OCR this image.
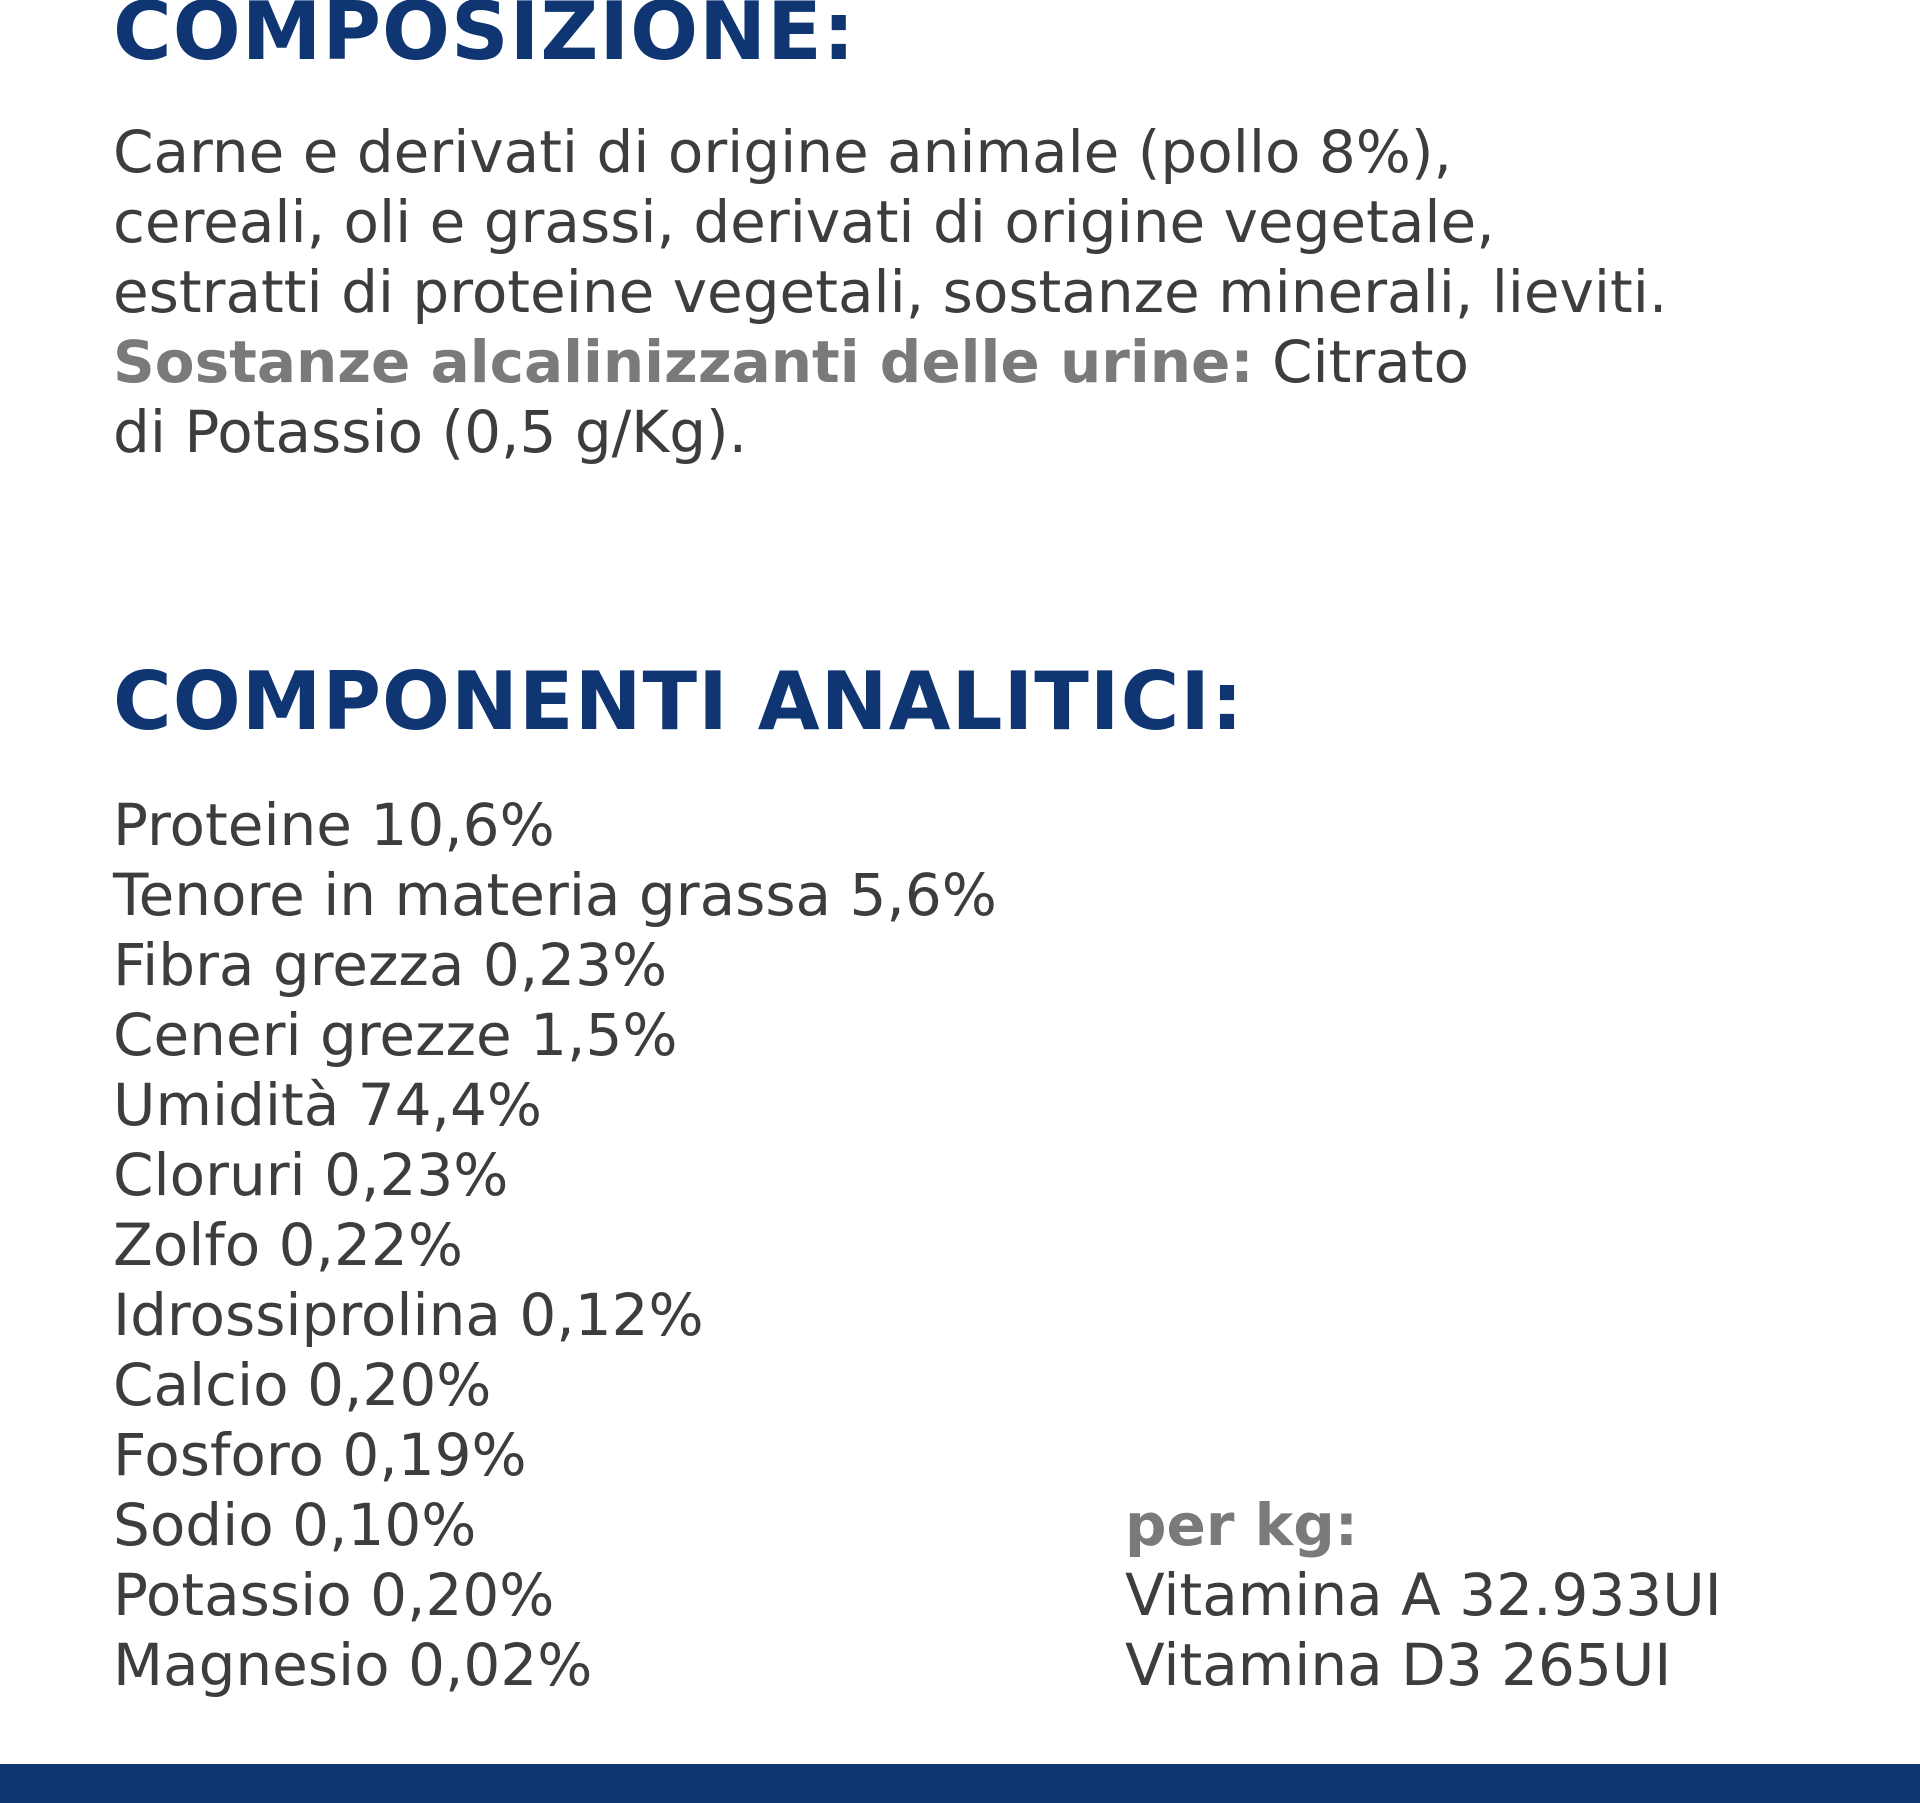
COMPOSIZIONE:
Carne e derivati di origine animale (pollo 8%),
cereali, oli e grassi, derivati di origine vegetale,
estratti di proteine vegetali, sostanze minerali, lieviti.
Sostanze alcalinizzanti delle urine: Citrato
di Potassio (0,5 g/Kg).
COMPONENTI ANALITICI:
Proteine 10,6%
Tenore in materia grassa 5,6%
Fibra grezza 0,23%
Ceneri grezze 1,5%
Umidità 74,4%
Cloruri 0,23%
Zolfo 0,22%
Idrossiprolina 0,12%
Calcio 0,20%
Fosforo 0,19%
Sodio 0,10%
Potassio 0,20%
Magnesio 0,02%
per kg:
Vitamina A 32.933UI
Vitamina D3 265UI
